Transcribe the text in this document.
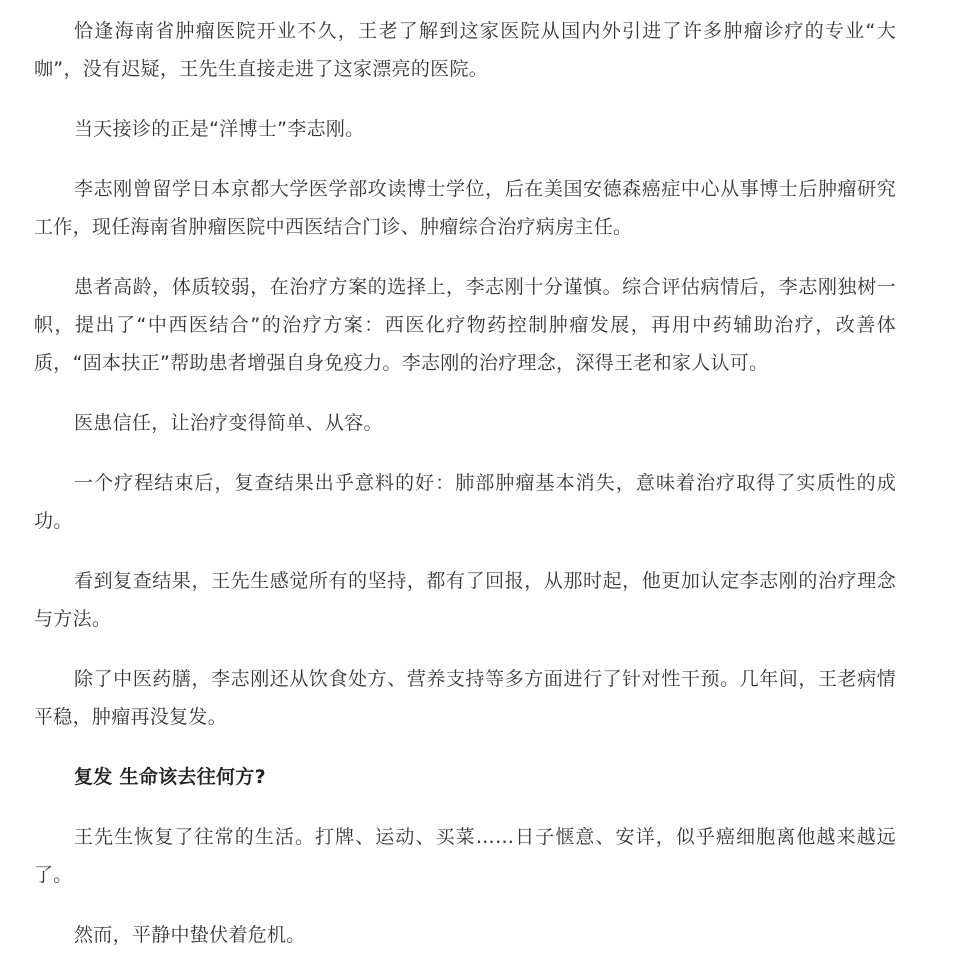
恰逢海南省肿瘤医院开业不久，王老了解到这家医院从国内外引进了许多肿瘤诊疗的专业“大咖”，没有迟疑，王先生直接走进了这家漂亮的医院。

当天接诊的正是“洋博士”李志刚。

李志刚曾留学日本京都大学医学部攻读博士学位，后在美国安德森癌症中心从事博士后肿瘤研究工作，现任海南省肿瘤医院中西医结合门诊、肿瘤综合治疗病房主任。

患者高龄，体质较弱，在治疗方案的选择上，李志刚十分谨慎。综合评估病情后，李志刚独树一帜，提出了“中西医结合”的治疗方案：西医化疗物药控制肿瘤发展，再用中药辅助治疗，改善体质，“固本扶正”帮助患者增强自身免疫力。李志刚的治疗理念，深得王老和家人认可。

医患信任，让治疗变得简单、从容。

一个疗程结束后，复查结果出乎意料的好：肺部肿瘤基本消失，意味着治疗取得了实质性的成功。

看到复查结果，王先生感觉所有的坚持，都有了回报，从那时起，他更加认定李志刚的治疗理念与方法。

除了中医药膳，李志刚还从饮食处方、营养支持等多方面进行了针对性干预。几年间，王老病情平稳，肿瘤再没复发。

复发 生命该去往何方?

王先生恢复了往常的生活。打牌、运动、买菜……日子惬意、安详，似乎癌细胞离他越来越远了。

然而，平静中蛰伏着危机。
